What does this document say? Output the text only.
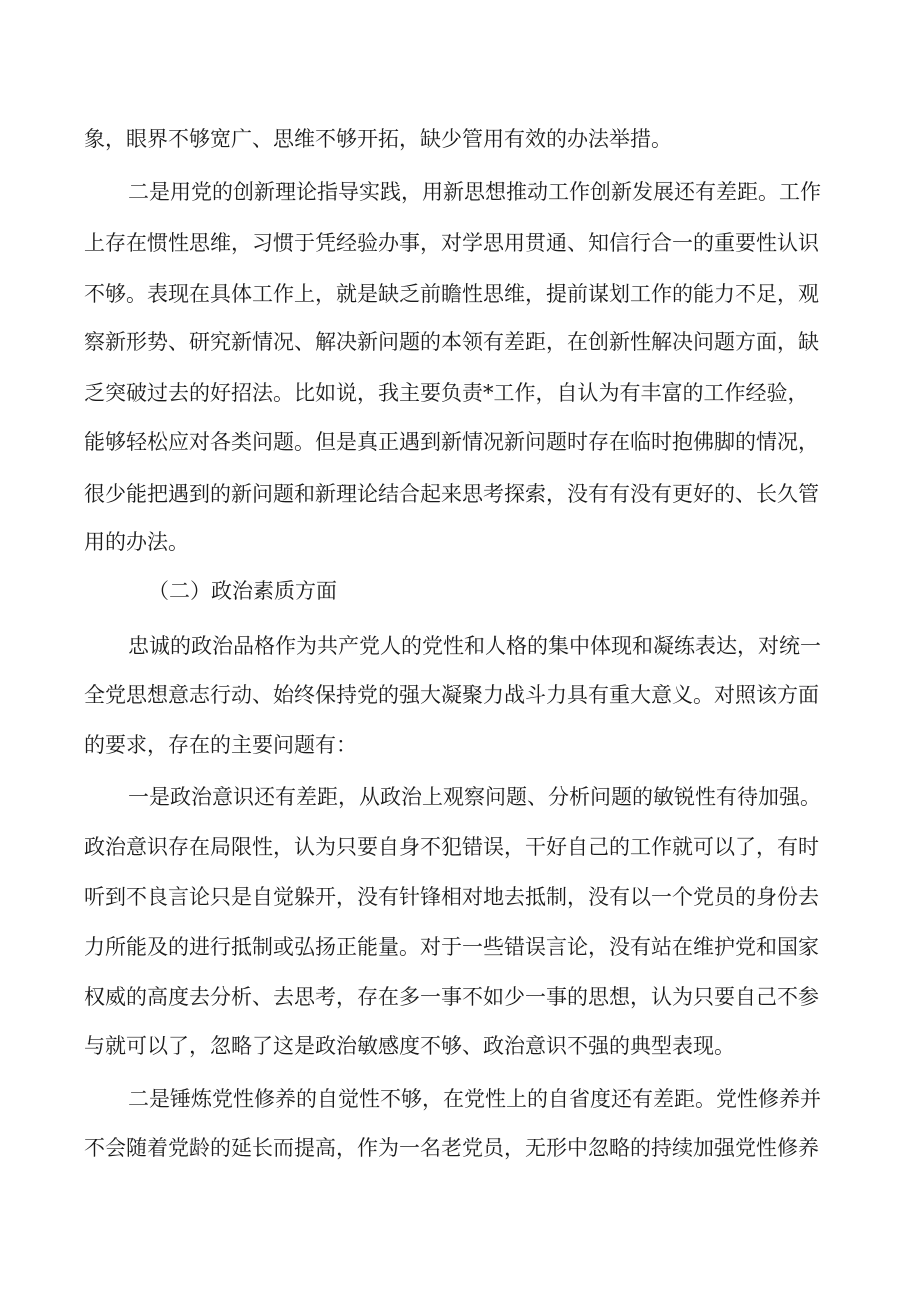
象，眼界不够宽广、思维不够开拓，缺少管用有效的办法举措。
二是用党的创新理论指导实践，用新思想推动工作创新发展还有差距。工作
上存在惯性思维，习惯于凭经验办事，对学思用贯通、知信行合一的重要性认识
不够。表现在具体工作上，就是缺乏前瞻性思维，提前谋划工作的能力不足，观
察新形势、研究新情况、解决新问题的本领有差距，在创新性解决问题方面，缺
乏突破过去的好招法。比如说，我主要负责*工作，自认为有丰富的工作经验，
能够轻松应对各类问题。但是真正遇到新情况新问题时存在临时抱佛脚的情况，
很少能把遇到的新问题和新理论结合起来思考探索，没有有没有更好的、长久管
用的办法。
（二）政治素质方面
忠诚的政治品格作为共产党人的党性和人格的集中体现和凝练表达，对统一
全党思想意志行动、始终保持党的强大凝聚力战斗力具有重大意义。对照该方面
的要求，存在的主要问题有：
一是政治意识还有差距，从政治上观察问题、分析问题的敏锐性有待加强。
政治意识存在局限性，认为只要自身不犯错误，干好自己的工作就可以了，有时
听到不良言论只是自觉躲开，没有针锋相对地去抵制，没有以一个党员的身份去
力所能及的进行抵制或弘扬正能量。对于一些错误言论，没有站在维护党和国家
权威的高度去分析、去思考，存在多一事不如少一事的思想，认为只要自己不参
与就可以了，忽略了这是政治敏感度不够、政治意识不强的典型表现。
二是锤炼党性修养的自觉性不够，在党性上的自省度还有差距。党性修养并
不会随着党龄的延长而提高，作为一名老党员，无形中忽略的持续加强党性修养
